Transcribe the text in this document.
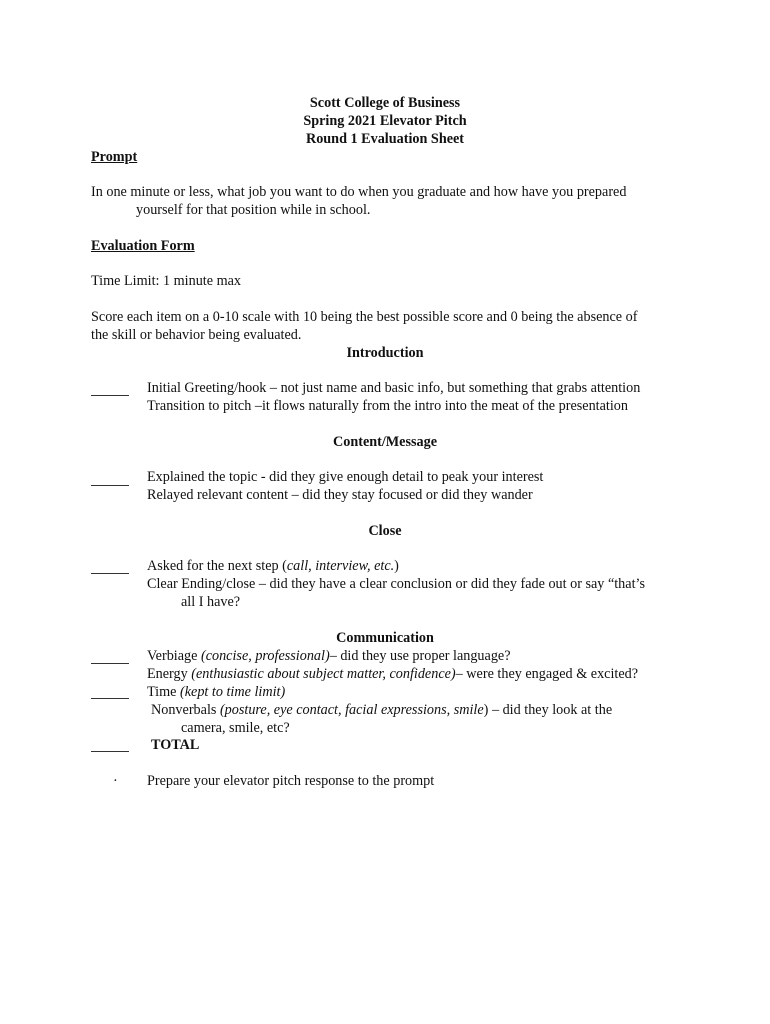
Scott College of Business
Spring 2021 Elevator Pitch
Round 1 Evaluation Sheet
Prompt
In one minute or less, what job you want to do when you graduate and how have you prepared
yourself for that position while in school.
Evaluation Form
Time Limit: 1 minute max
Score each item on a 0-10 scale with 10 being the best possible score and 0 being the absence of
the skill or behavior being evaluated.
Introduction
Initial Greeting/hook – not just name and basic info, but something that grabs attention
Transition to pitch –it flows naturally from the intro into the meat of the presentation
Content/Message
Explained the topic - did they give enough detail to peak your interest
Relayed relevant content – did they stay focused or did they wander
Close
Asked for the next step (call, interview, etc.)
Clear Ending/close – did they have a clear conclusion or did they fade out or say “that’s
all I have?
Communication
Verbiage (concise, professional)– did they use proper language?
Energy (enthusiastic about subject matter, confidence)– were they engaged & excited?
Time (kept to time limit)
Nonverbals (posture, eye contact, facial expressions, smile) – did they look at the
camera, smile, etc?
TOTAL
· Prepare your elevator pitch response to the prompt
